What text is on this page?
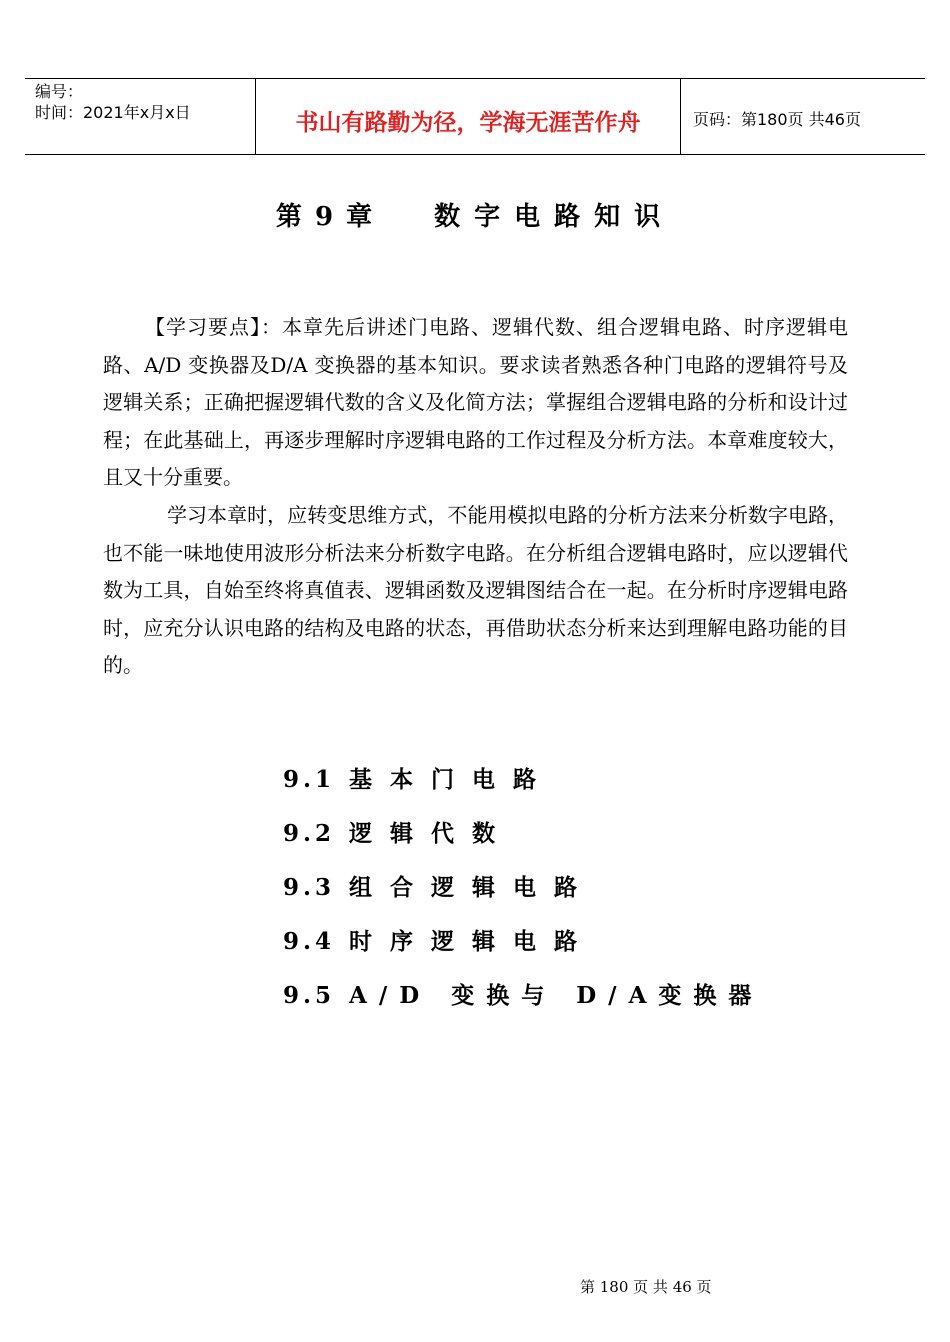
编号：
时间：2021年x月x日	书山有路勤为径，学海无涯苦作舟	页码：第180页 共46页
第 9 章 数字电路知识

【学习要点】：本章先后讲述门电路、逻辑代数、组合逻辑电路、时序逻辑电路、A/D 变换器及D/A 变换器的基本知识。要求读者熟悉各种门电路的逻辑符号及逻辑关系；正确把握逻辑代数的含义及化简方法；掌握组合逻辑电路的分析和设计过程；在此基础上，再逐步理解时序逻辑电路的工作过程及分析方法。本章难度较大，且又十分重要。

学习本章时，应转变思维方式，不能用模拟电路的分析方法来分析数字电路，也不能一味地使用波形分析法来分析数字电路。在分析组合逻辑电路时，应以逻辑代数为工具，自始至终将真值表、逻辑函数及逻辑图结合在一起。在分析时序逻辑电路时，应充分认识电路的结构及电路的状态，再借助状态分析来达到理解电路功能的目的。

9.1 基本门电路
9.2 逻辑代数
9.3 组合逻辑电路
9.4 时序逻辑电路
9.5 A/D 变换与 D/A变换器
第 180 页 共 46 页
